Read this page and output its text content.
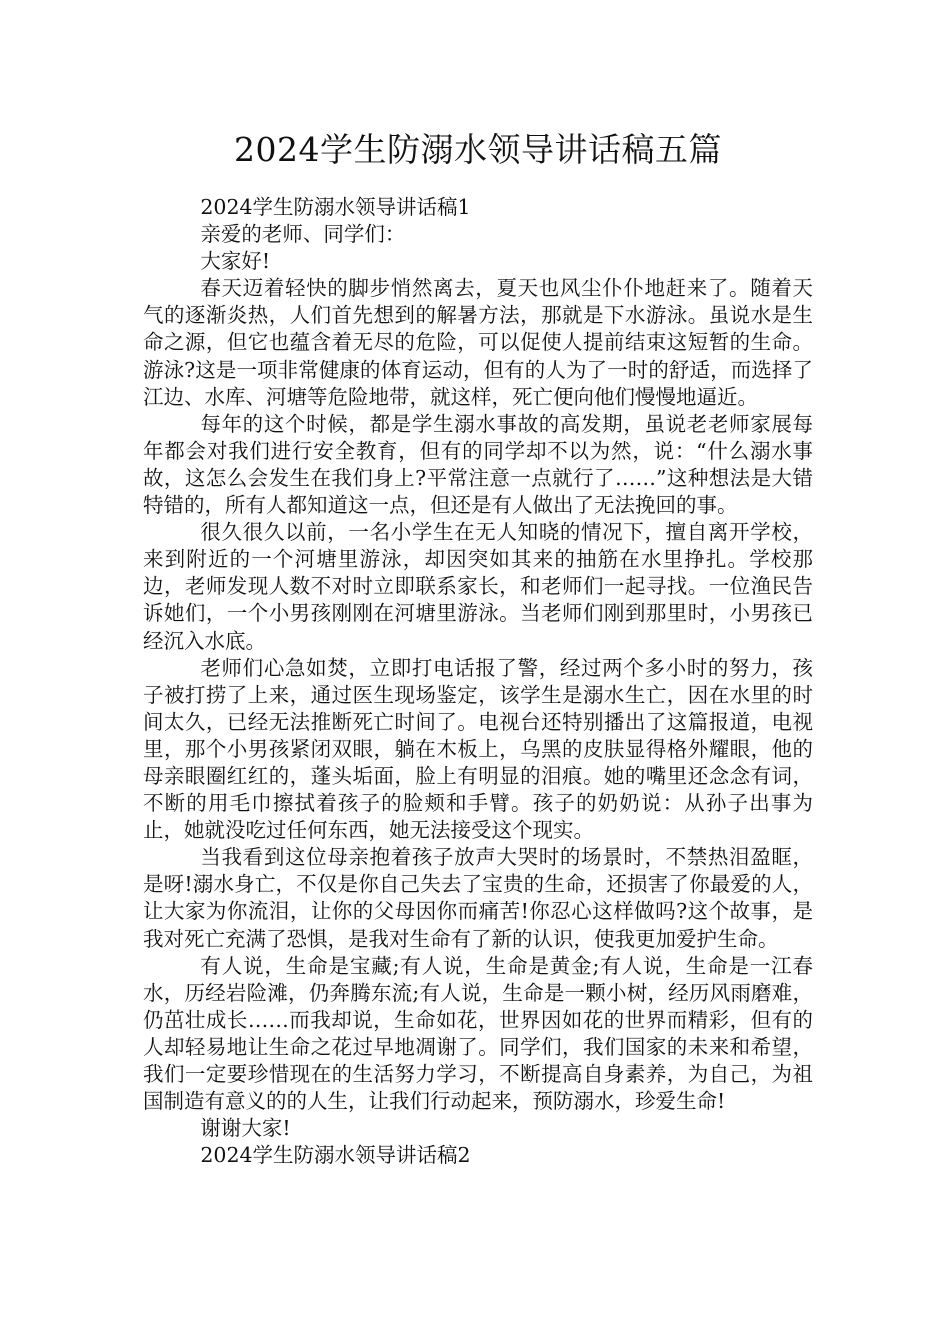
2024学生防溺水领导讲话稿五篇

2024学生防溺水领导讲话稿1

亲爱的老师、同学们：

大家好!

春天迈着轻快的脚步悄然离去，夏天也风尘仆仆地赶来了。随着天气的逐渐炎热，人们首先想到的解暑方法，那就是下水游泳。虽说水是生命之源，但它也蕴含着无尽的危险，可以促使人提前结束这短暂的生命。游泳?这是一项非常健康的体育运动，但有的人为了一时的舒适，而选择了江边、水库、河塘等危险地带，就这样，死亡便向他们慢慢地逼近。

每年的这个时候，都是学生溺水事故的高发期，虽说老老师家展每年都会对我们进行安全教育，但有的同学却不以为然，说：“什么溺水事故，这怎么会发生在我们身上?平常注意一点就行了……”这种想法是大错特错的，所有人都知道这一点，但还是有人做出了无法挽回的事。

很久很久以前，一名小学生在无人知晓的情况下，擅自离开学校，来到附近的一个河塘里游泳，却因突如其来的抽筋在水里挣扎。学校那边，老师发现人数不对时立即联系家长，和老师们一起寻找。一位渔民告诉她们，一个小男孩刚刚在河塘里游泳。当老师们刚到那里时，小男孩已经沉入水底。

老师们心急如焚，立即打电话报了警，经过两个多小时的努力，孩子被打捞了上来，通过医生现场鉴定，该学生是溺水生亡，因在水里的时间太久，已经无法推断死亡时间了。电视台还特别播出了这篇报道，电视里，那个小男孩紧闭双眼，躺在木板上，乌黑的皮肤显得格外耀眼，他的母亲眼圈红红的，蓬头垢面，脸上有明显的泪痕。她的嘴里还念念有词，不断的用毛巾擦拭着孩子的脸颊和手臂。孩子的奶奶说：从孙子出事为止，她就没吃过任何东西，她无法接受这个现实。

当我看到这位母亲抱着孩子放声大哭时的场景时，不禁热泪盈眶，是呀!溺水身亡，不仅是你自己失去了宝贵的生命，还损害了你最爱的人，让大家为你流泪，让你的父母因你而痛苦!你忍心这样做吗?这个故事，是我对死亡充满了恐惧，是我对生命有了新的认识，使我更加爱护生命。

有人说，生命是宝藏;有人说，生命是黄金;有人说，生命是一江春水，历经岩险滩，仍奔腾东流;有人说，生命是一颗小树，经历风雨磨难，仍茁壮成长……而我却说，生命如花，世界因如花的世界而精彩，但有的人却轻易地让生命之花过早地凋谢了。同学们，我们国家的未来和希望，我们一定要珍惜现在的生活努力学习，不断提高自身素养，为自己，为祖国制造有意义的的人生，让我们行动起来，预防溺水，珍爱生命!

谢谢大家!

2024学生防溺水领导讲话稿2
